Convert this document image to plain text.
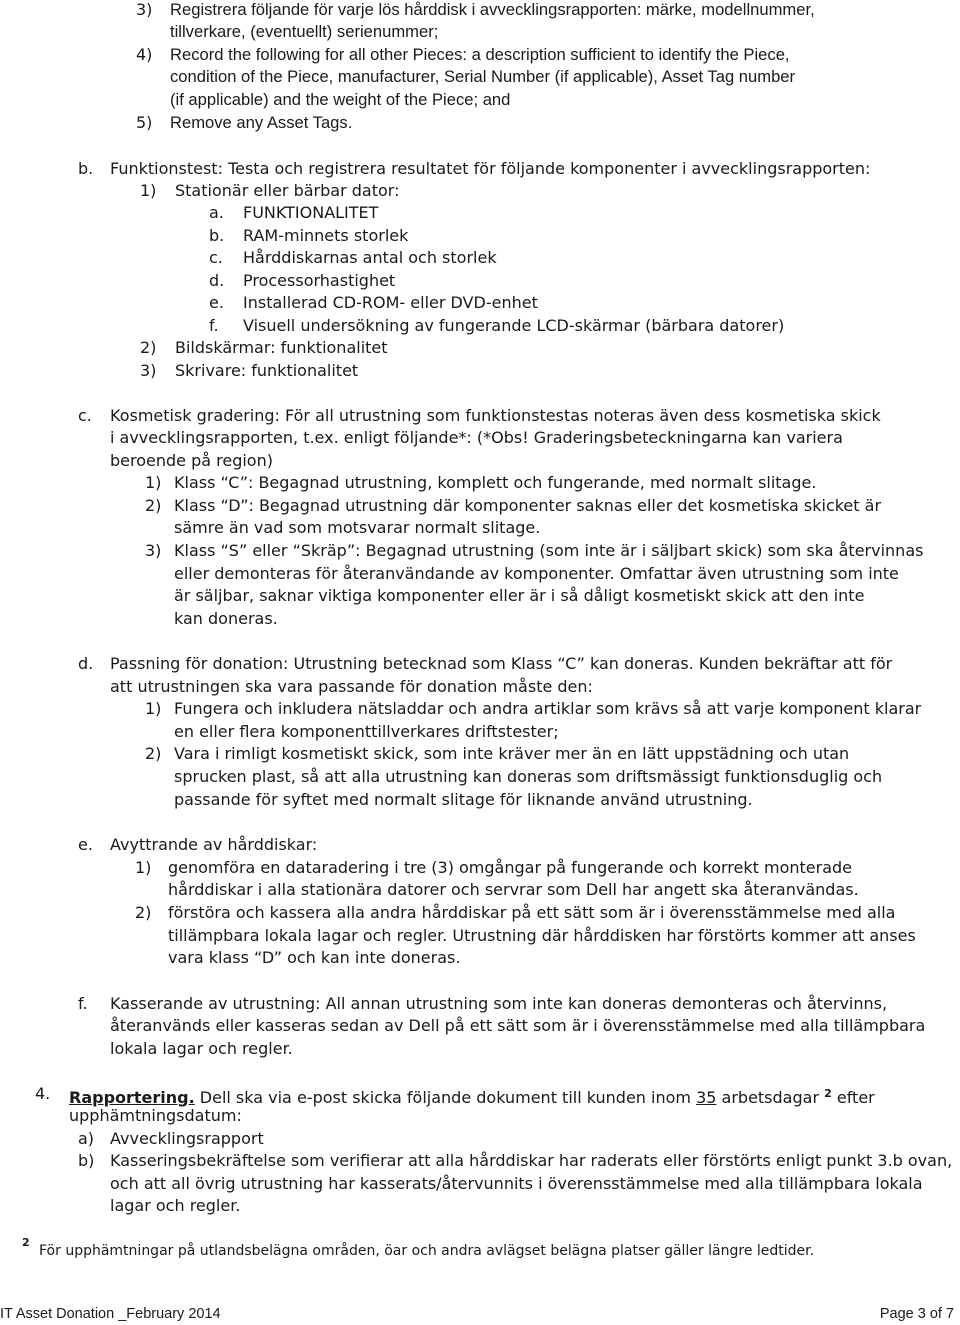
3) Registrera följande för varje lös hårddisk i avvecklingsrapporten: märke, modellnummer,
tillverkare, (eventuellt) serienummer;
4) Record the following for all other Pieces: a description sufficient to identify the Piece,
condition of the Piece, manufacturer, Serial Number (if applicable), Asset Tag number
(if applicable) and the weight of the Piece; and
5) Remove any Asset Tags.
b. Funktionstest: Testa och registrera resultatet för följande komponenter i avvecklingsrapporten:
1) Stationär eller bärbar dator:
a. FUNKTIONALITET
b. RAM-minnets storlek
c. Hårddiskarnas antal och storlek
d. Processorhastighet
e. Installerad CD-ROM- eller DVD-enhet
f. Visuell undersökning av fungerande LCD-skärmar (bärbara datorer)
2) Bildskärmar: funktionalitet
3) Skrivare: funktionalitet
c. Kosmetisk gradering: För all utrustning som funktionstestas noteras även dess kosmetiska skick
i avvecklingsrapporten, t.ex. enligt följande*: (*Obs! Graderingsbeteckningarna kan variera
beroende på region)
1) Klass “C”: Begagnad utrustning, komplett och fungerande, med normalt slitage.
2) Klass “D”: Begagnad utrustning där komponenter saknas eller det kosmetiska skicket är
sämre än vad som motsvarar normalt slitage.
3) Klass “S” eller “Skräp”: Begagnad utrustning (som inte är i säljbart skick) som ska återvinnas
eller demonteras för återanvändande av komponenter. Omfattar även utrustning som inte
är säljbar, saknar viktiga komponenter eller är i så dåligt kosmetiskt skick att den inte
kan doneras.
d. Passning för donation: Utrustning betecknad som Klass “C” kan doneras. Kunden bekräftar att för
att utrustningen ska vara passande för donation måste den:
1) Fungera och inkludera nätsladdar och andra artiklar som krävs så att varje komponent klarar
en eller flera komponenttillverkares driftstester;
2) Vara i rimligt kosmetiskt skick, som inte kräver mer än en lätt uppstädning och utan
sprucken plast, så att alla utrustning kan doneras som driftsmässigt funktionsduglig och
passande för syftet med normalt slitage för liknande använd utrustning.
e. Avyttrande av hårddiskar:
1) genomföra en dataradering i tre (3) omgångar på fungerande och korrekt monterade
hårddiskar i alla stationära datorer och servrar som Dell har angett ska återanvändas.
2) förstöra och kassera alla andra hårddiskar på ett sätt som är i överensstämmelse med alla
tillämpbara lokala lagar och regler. Utrustning där hårddisken har förstörts kommer att anses
vara klass “D” och kan inte doneras.
f. Kasserande av utrustning: All annan utrustning som inte kan doneras demonteras och återvinns,
återanvänds eller kasseras sedan av Dell på ett sätt som är i överensstämmelse med alla tillämpbara
lokala lagar och regler.
4. Rapportering. Dell ska via e-post skicka följande dokument till kunden inom 35 arbetsdagar $^2$ efter
upphämtningsdatum:
a) Avvecklingsrapport
b) Kasseringsbekräftelse som verifierar att alla hårddiskar har raderats eller förstörts enligt punkt 3.b ovan,
och att all övrig utrustning har kasserats/återvunnits i överensstämmelse med alla tillämpbara lokala
lagar och regler.
2
För upphämtningar på utlandsbelägna områden, öar och andra avlägset belägna platser gäller längre ledtider.
IT Asset Donation _February 2014	Page 3 of 7
